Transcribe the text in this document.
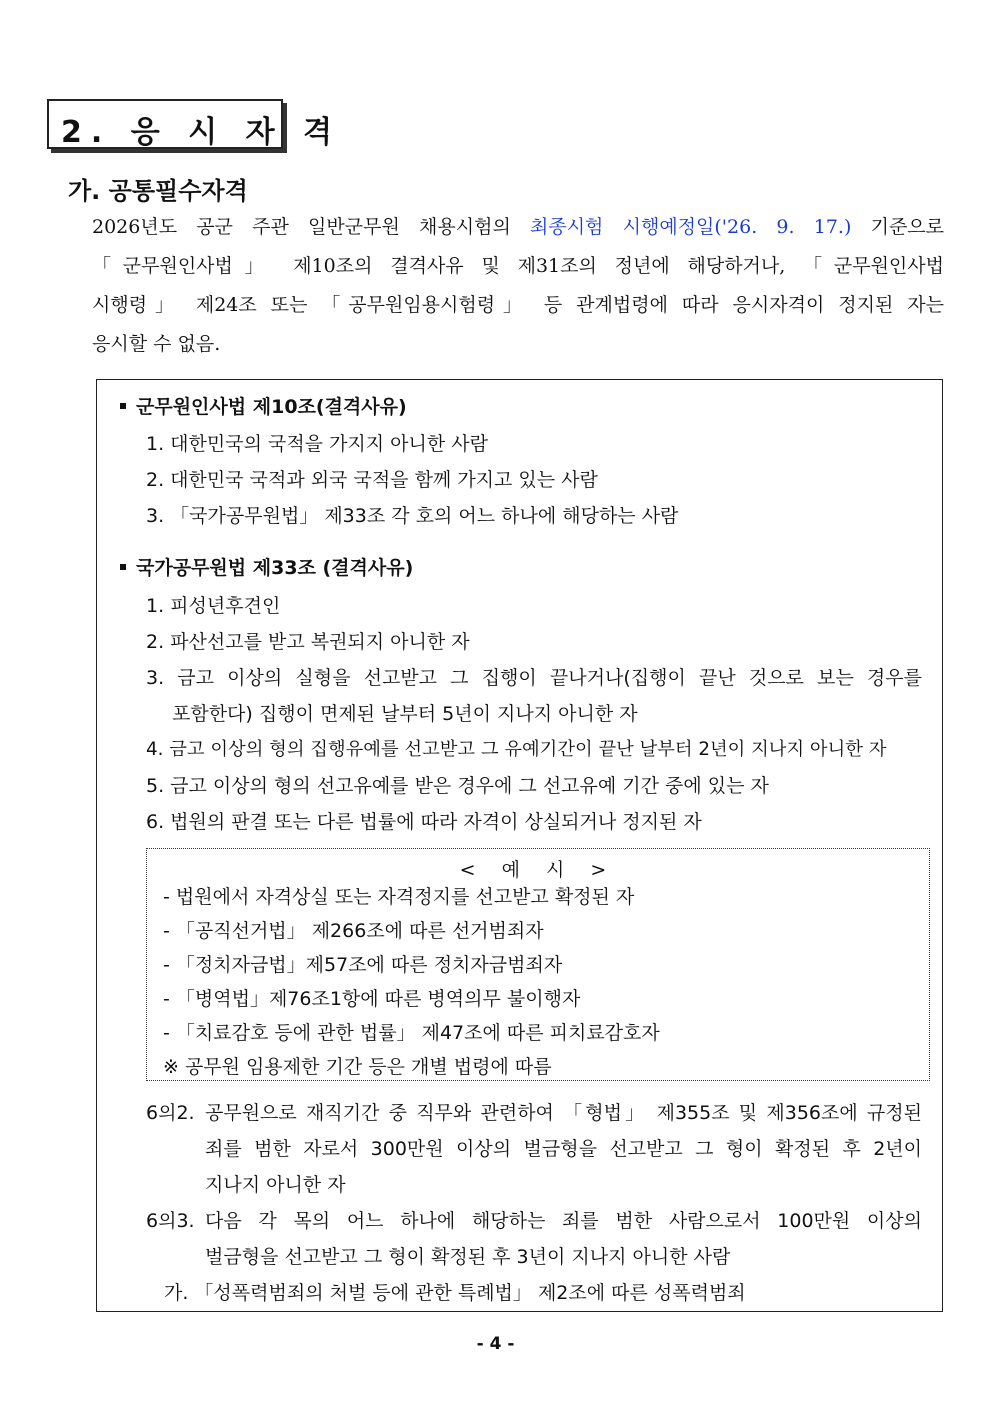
2. 응 시 자 격
가. 공통필수자격
2026년도 공군 주관 일반군무원 채용시험의 최종시험 시행예정일('26. 9. 17.) 기준으로
「군무원인사법」 제10조의 결격사유 및 제31조의 정년에 해당하거나, 「군무원인사법
시행령」 제24조 또는 「공무원임용시험령」 등 관계법령에 따라 응시자격이 정지된 자는
응시할 수 없음.
군무원인사법 제10조(결격사유)
1. 대한민국의 국적을 가지지 아니한 사람
2. 대한민국 국적과 외국 국적을 함께 가지고 있는 사람
3. 「국가공무원법」 제33조 각 호의 어느 하나에 해당하는 사람
국가공무원법 제33조 (결격사유)
1. 피성년후견인
2. 파산선고를 받고 복권되지 아니한 자
3. 금고 이상의 실형을 선고받고 그 집행이 끝나거나(집행이 끝난 것으로 보는 경우를
포함한다) 집행이 면제된 날부터 5년이 지나지 아니한 자
4. 금고 이상의 형의 집행유예를 선고받고 그 유예기간이 끝난 날부터 2년이 지나지 아니한 자
5. 금고 이상의 형의 선고유예를 받은 경우에 그 선고유예 기간 중에 있는 자
6. 법원의 판결 또는 다른 법률에 따라 자격이 상실되거나 정지된 자
< 예 시 >
- 법원에서 자격상실 또는 자격정지를 선고받고 확정된 자
- 「공직선거법」 제266조에 따른 선거범죄자
- 「정치자금법」제57조에 따른 정치자금범죄자
- 「병역법」제76조1항에 따른 병역의무 불이행자
- 「치료감호 등에 관한 법률」 제47조에 따른 피치료감호자
※ 공무원 임용제한 기간 등은 개별 법령에 따름
6의2. 공무원으로 재직기간 중 직무와 관련하여 「형법」 제355조 및 제356조에 규정된
죄를 범한 자로서 300만원 이상의 벌금형을 선고받고 그 형이 확정된 후 2년이
지나지 아니한 자
6의3. 다음 각 목의 어느 하나에 해당하는 죄를 범한 사람으로서 100만원 이상의
벌금형을 선고받고 그 형이 확정된 후 3년이 지나지 아니한 사람
가. 「성폭력범죄의 처벌 등에 관한 특례법」 제2조에 따른 성폭력범죄
- 4 -
